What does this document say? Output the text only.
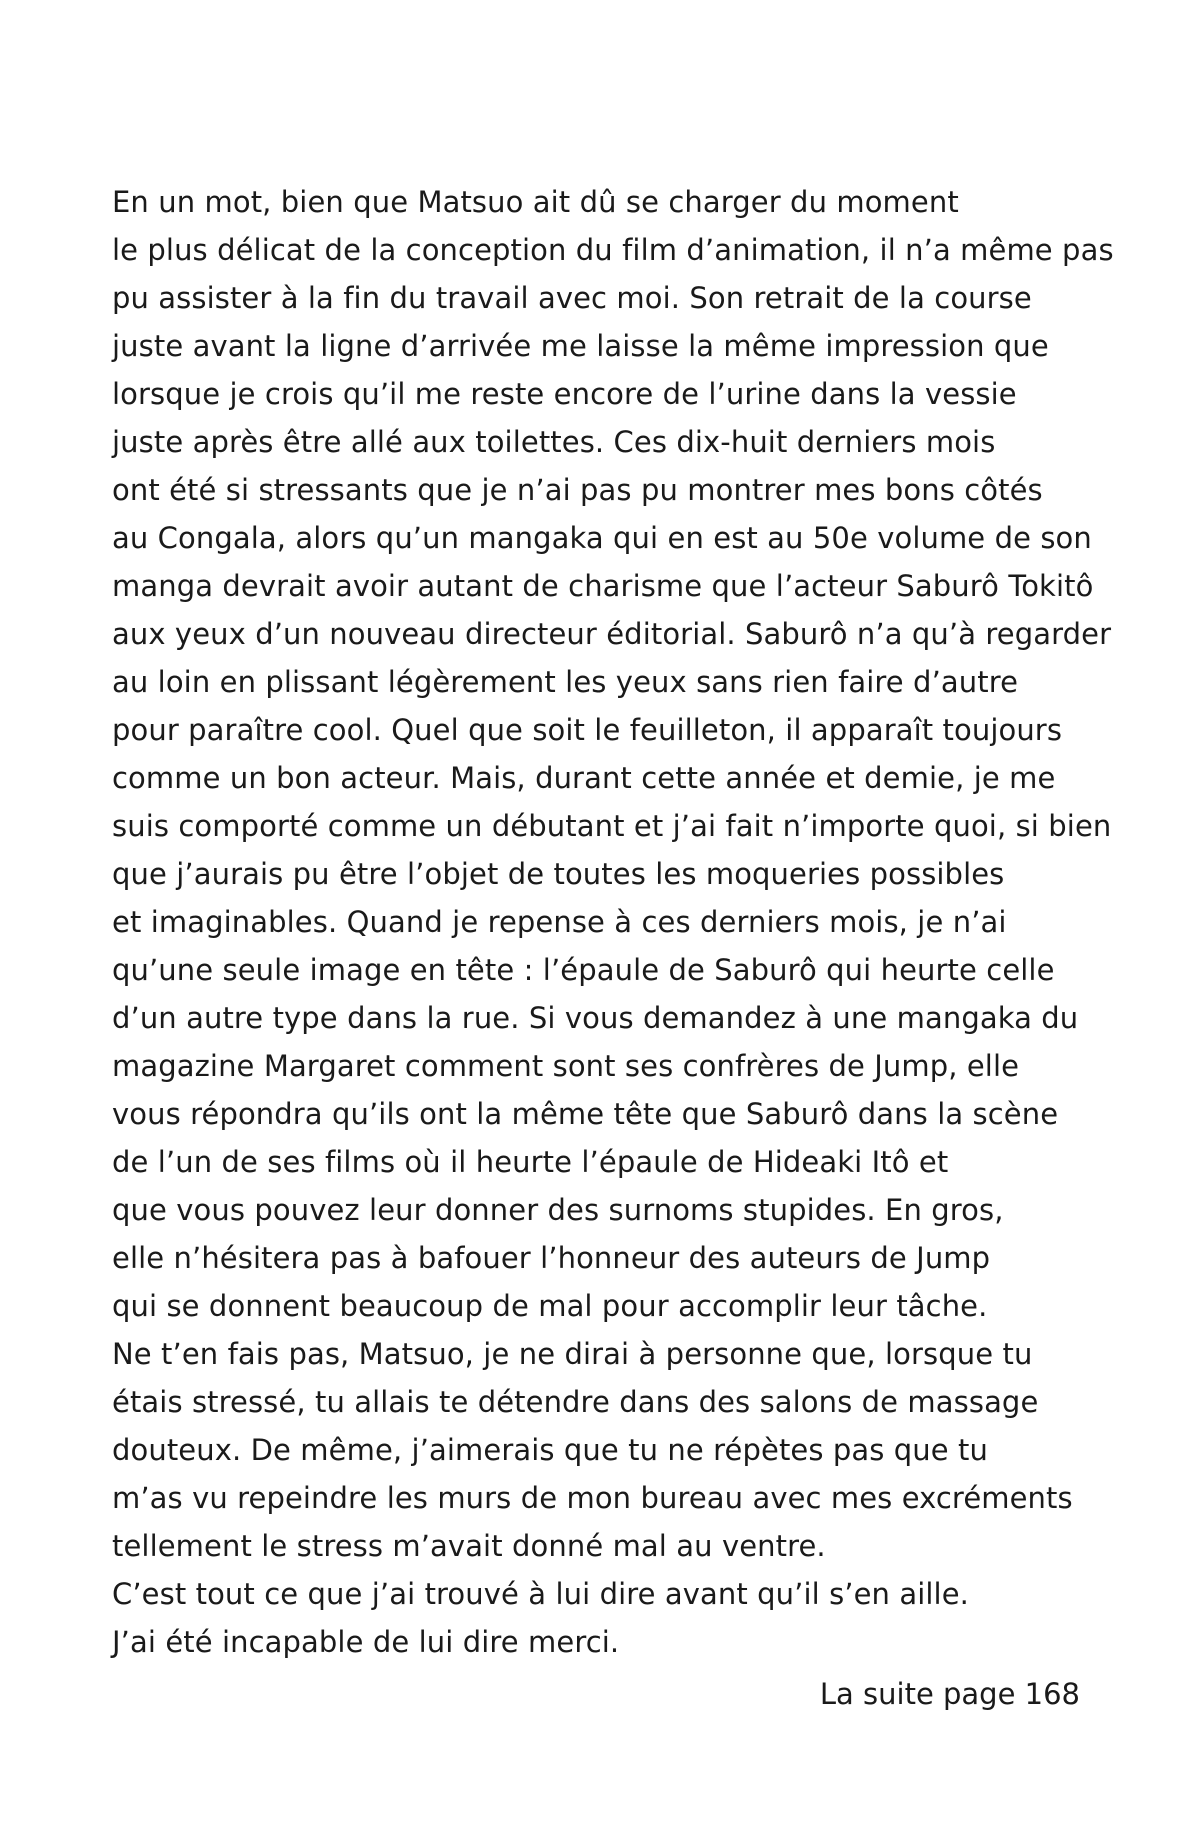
En un mot, bien que Matsuo ait dû se charger du moment
le plus délicat de la conception du film d’animation, il n’a même pas
pu assister à la fin du travail avec moi. Son retrait de la course
juste avant la ligne d’arrivée me laisse la même impression que
lorsque je crois qu’il me reste encore de l’urine dans la vessie
juste après être allé aux toilettes. Ces dix-huit derniers mois
ont été si stressants que je n’ai pas pu montrer mes bons côtés
au Congala, alors qu’un mangaka qui en est au 50e volume de son
manga devrait avoir autant de charisme que l’acteur Saburô Tokitô
aux yeux d’un nouveau directeur éditorial. Saburô n’a qu’à regarder
au loin en plissant légèrement les yeux sans rien faire d’autre
pour paraître cool. Quel que soit le feuilleton, il apparaît toujours
comme un bon acteur. Mais, durant cette année et demie, je me
suis comporté comme un débutant et j’ai fait n’importe quoi, si bien
que j’aurais pu être l’objet de toutes les moqueries possibles
et imaginables. Quand je repense à ces derniers mois, je n’ai
qu’une seule image en tête : l’épaule de Saburô qui heurte celle
d’un autre type dans la rue. Si vous demandez à une mangaka du
magazine Margaret comment sont ses confrères de Jump, elle
vous répondra qu’ils ont la même tête que Saburô dans la scène
de l’un de ses films où il heurte l’épaule de Hideaki Itô et
que vous pouvez leur donner des surnoms stupides. En gros,
elle n’hésitera pas à bafouer l’honneur des auteurs de Jump
qui se donnent beaucoup de mal pour accomplir leur tâche.
Ne t’en fais pas, Matsuo, je ne dirai à personne que, lorsque tu
étais stressé, tu allais te détendre dans des salons de massage
douteux. De même, j’aimerais que tu ne répètes pas que tu
m’as vu repeindre les murs de mon bureau avec mes excréments
tellement le stress m’avait donné mal au ventre.
C’est tout ce que j’ai trouvé à lui dire avant qu’il s’en aille.
J’ai été incapable de lui dire merci.
La suite page 168
